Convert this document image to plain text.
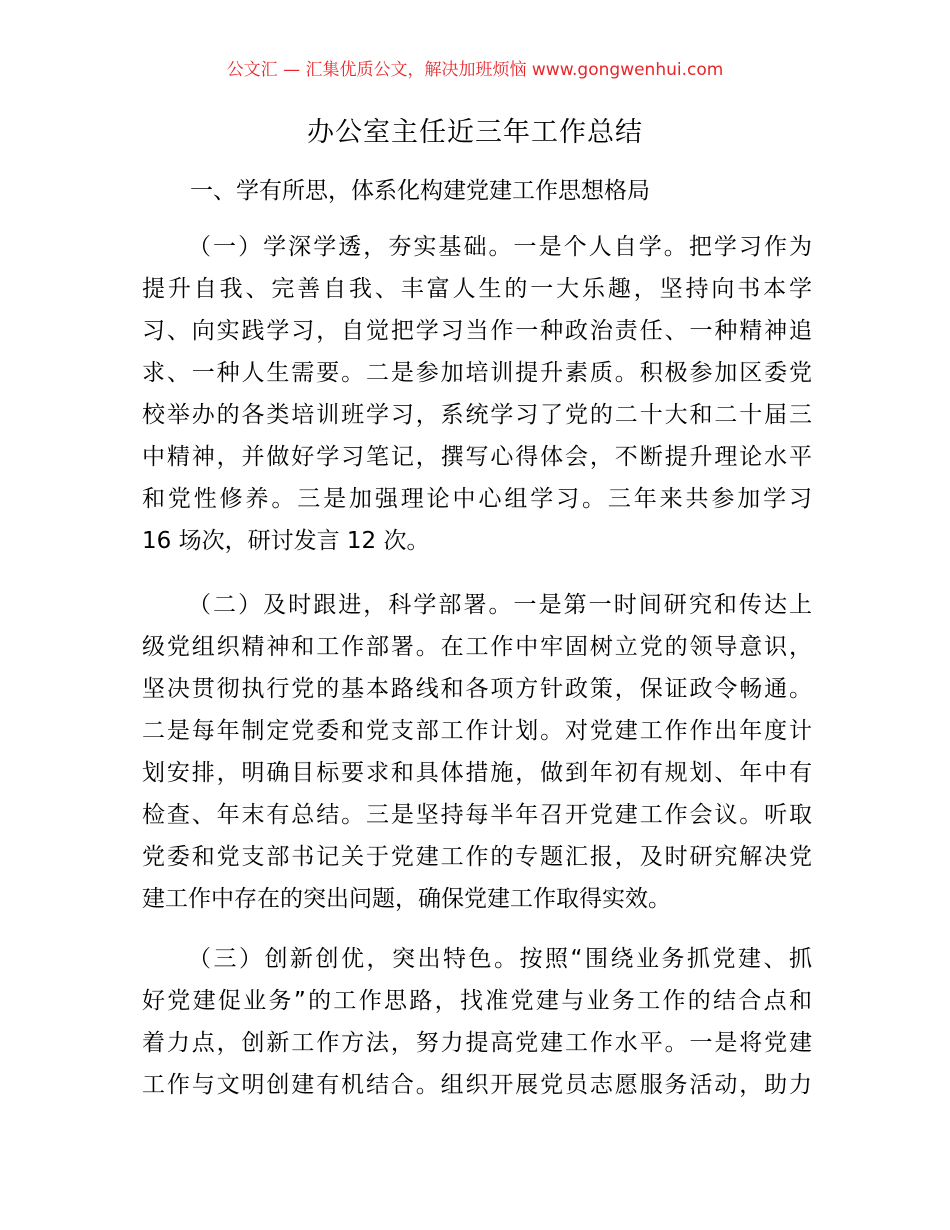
公文汇 — 汇集优质公文，解决加班烦恼 www.gongwenhui.com
办公室主任近三年工作总结
一、学有所思，体系化构建党建工作思想格局
（一）学深学透，夯实基础。一是个人自学。把学习作为
提升自我、完善自我、丰富人生的一大乐趣，坚持向书本学
习、向实践学习，自觉把学习当作一种政治责任、一种精神追
求、一种人生需要。二是参加培训提升素质。积极参加区委党
校举办的各类培训班学习，系统学习了党的二十大和二十届三
中精神，并做好学习笔记，撰写心得体会，不断提升理论水平
和党性修养。三是加强理论中心组学习。三年来共参加学习
16 场次，研讨发言 12 次。
（二）及时跟进，科学部署。一是第一时间研究和传达上
级党组织精神和工作部署。在工作中牢固树立党的领导意识，
坚决贯彻执行党的基本路线和各项方针政策，保证政令畅通。
二是每年制定党委和党支部工作计划。对党建工作作出年度计
划安排，明确目标要求和具体措施，做到年初有规划、年中有
检查、年末有总结。三是坚持每半年召开党建工作会议。听取
党委和党支部书记关于党建工作的专题汇报，及时研究解决党
建工作中存在的突出问题，确保党建工作取得实效。
（三）创新创优，突出特色。按照“围绕业务抓党建、抓
好党建促业务”的工作思路，找准党建与业务工作的结合点和
着力点，创新工作方法，努力提高党建工作水平。一是将党建
工作与文明创建有机结合。组织开展党员志愿服务活动，助力
